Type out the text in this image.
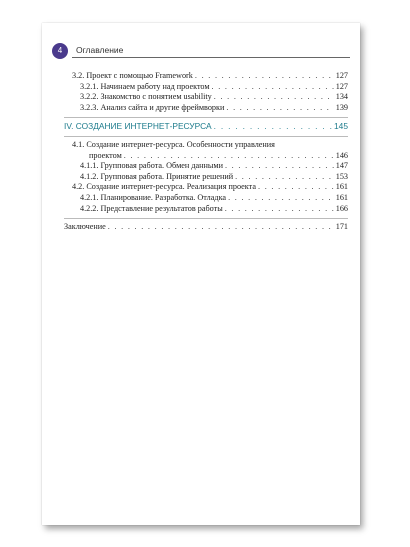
4	Оглавление
3.2. Проект с помощью Framework . . .	127
3.2.1. Начинаем работу над проектом . . .	127
3.2.2. Знакомство с понятием usability . . .	134
3.2.3. Анализ сайта и другие фреймворки . . .	139
IV. СОЗДАНИЕ ИНТЕРНЕТ-РЕСУРСА . . .	145
4.1. Создание интернет-ресурса. Особенности управления
проектом . . .	146
4.1.1. Групповая работа. Обмен данными . . .	147
4.1.2. Групповая работа. Принятие решений . . .	153
4.2. Создание интернет-ресурса. Реализация проекта . . .	161
4.2.1. Планирование. Разработка. Отладка . . .	161
4.2.2. Представление результатов работы . . .	166
Заключение . . .	171
